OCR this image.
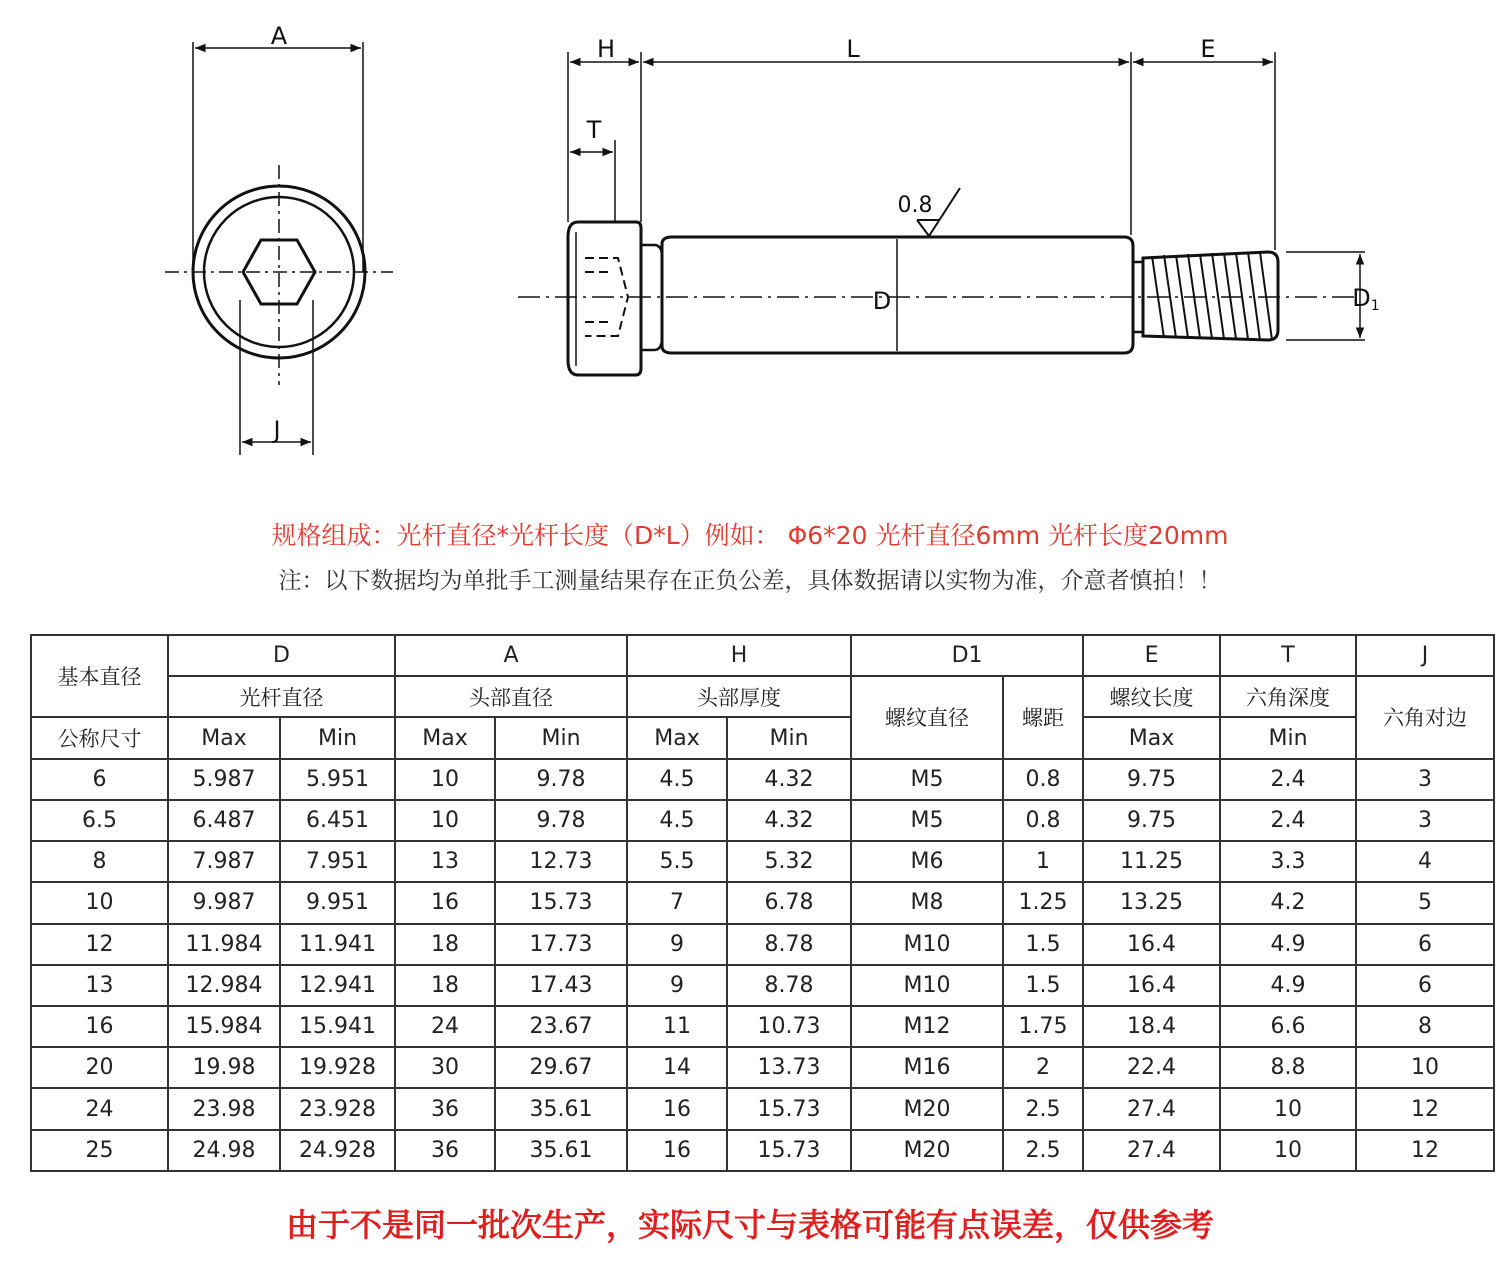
A
J
H	L	E
T
D	D1
0.8
规格组成：光杆直径*光杆长度（D*L）例如： Φ6*20 光杆直径6mm 光杆长度20mm
注：以下数据均为单批手工测量结果存在正负公差，具体数据请以实物为准，介意者慎拍！！
基本直径	D		A		H		D1		E	T	J
	光杆直径		头部直径		头部厚度		螺纹直径	螺距	螺纹长度	六角深度	六角对边
公称尺寸	Max	Min	Max	Min	Max	Min			Max	Min	
6	5.987	5.951	10	9.78	4.5	4.32	M5	0.8	9.75	2.4	3
6.5	6.487	6.451	10	9.78	4.5	4.32	M5	0.8	9.75	2.4	3
8	7.987	7.951	13	12.73	5.5	5.32	M6	1	11.25	3.3	4
10	9.987	9.951	16	15.73	7	6.78	M8	1.25	13.25	4.2	5
12	11.984	11.941	18	17.73	9	8.78	M10	1.5	16.4	4.9	6
13	12.984	12.941	18	17.43	9	8.78	M10	1.5	16.4	4.9	6
16	15.984	15.941	24	23.67	11	10.73	M12	1.75	18.4	6.6	8
20	19.98	19.928	30	29.67	14	13.73	M16	2	22.4	8.8	10
24	23.98	23.928	36	35.61	16	15.73	M20	2.5	27.4	10	12
25	24.98	24.928	36	35.61	16	15.73	M20	2.5	27.4	10	12
由于不是同一批次生产，实际尺寸与表格可能有点误差，仅供参考
